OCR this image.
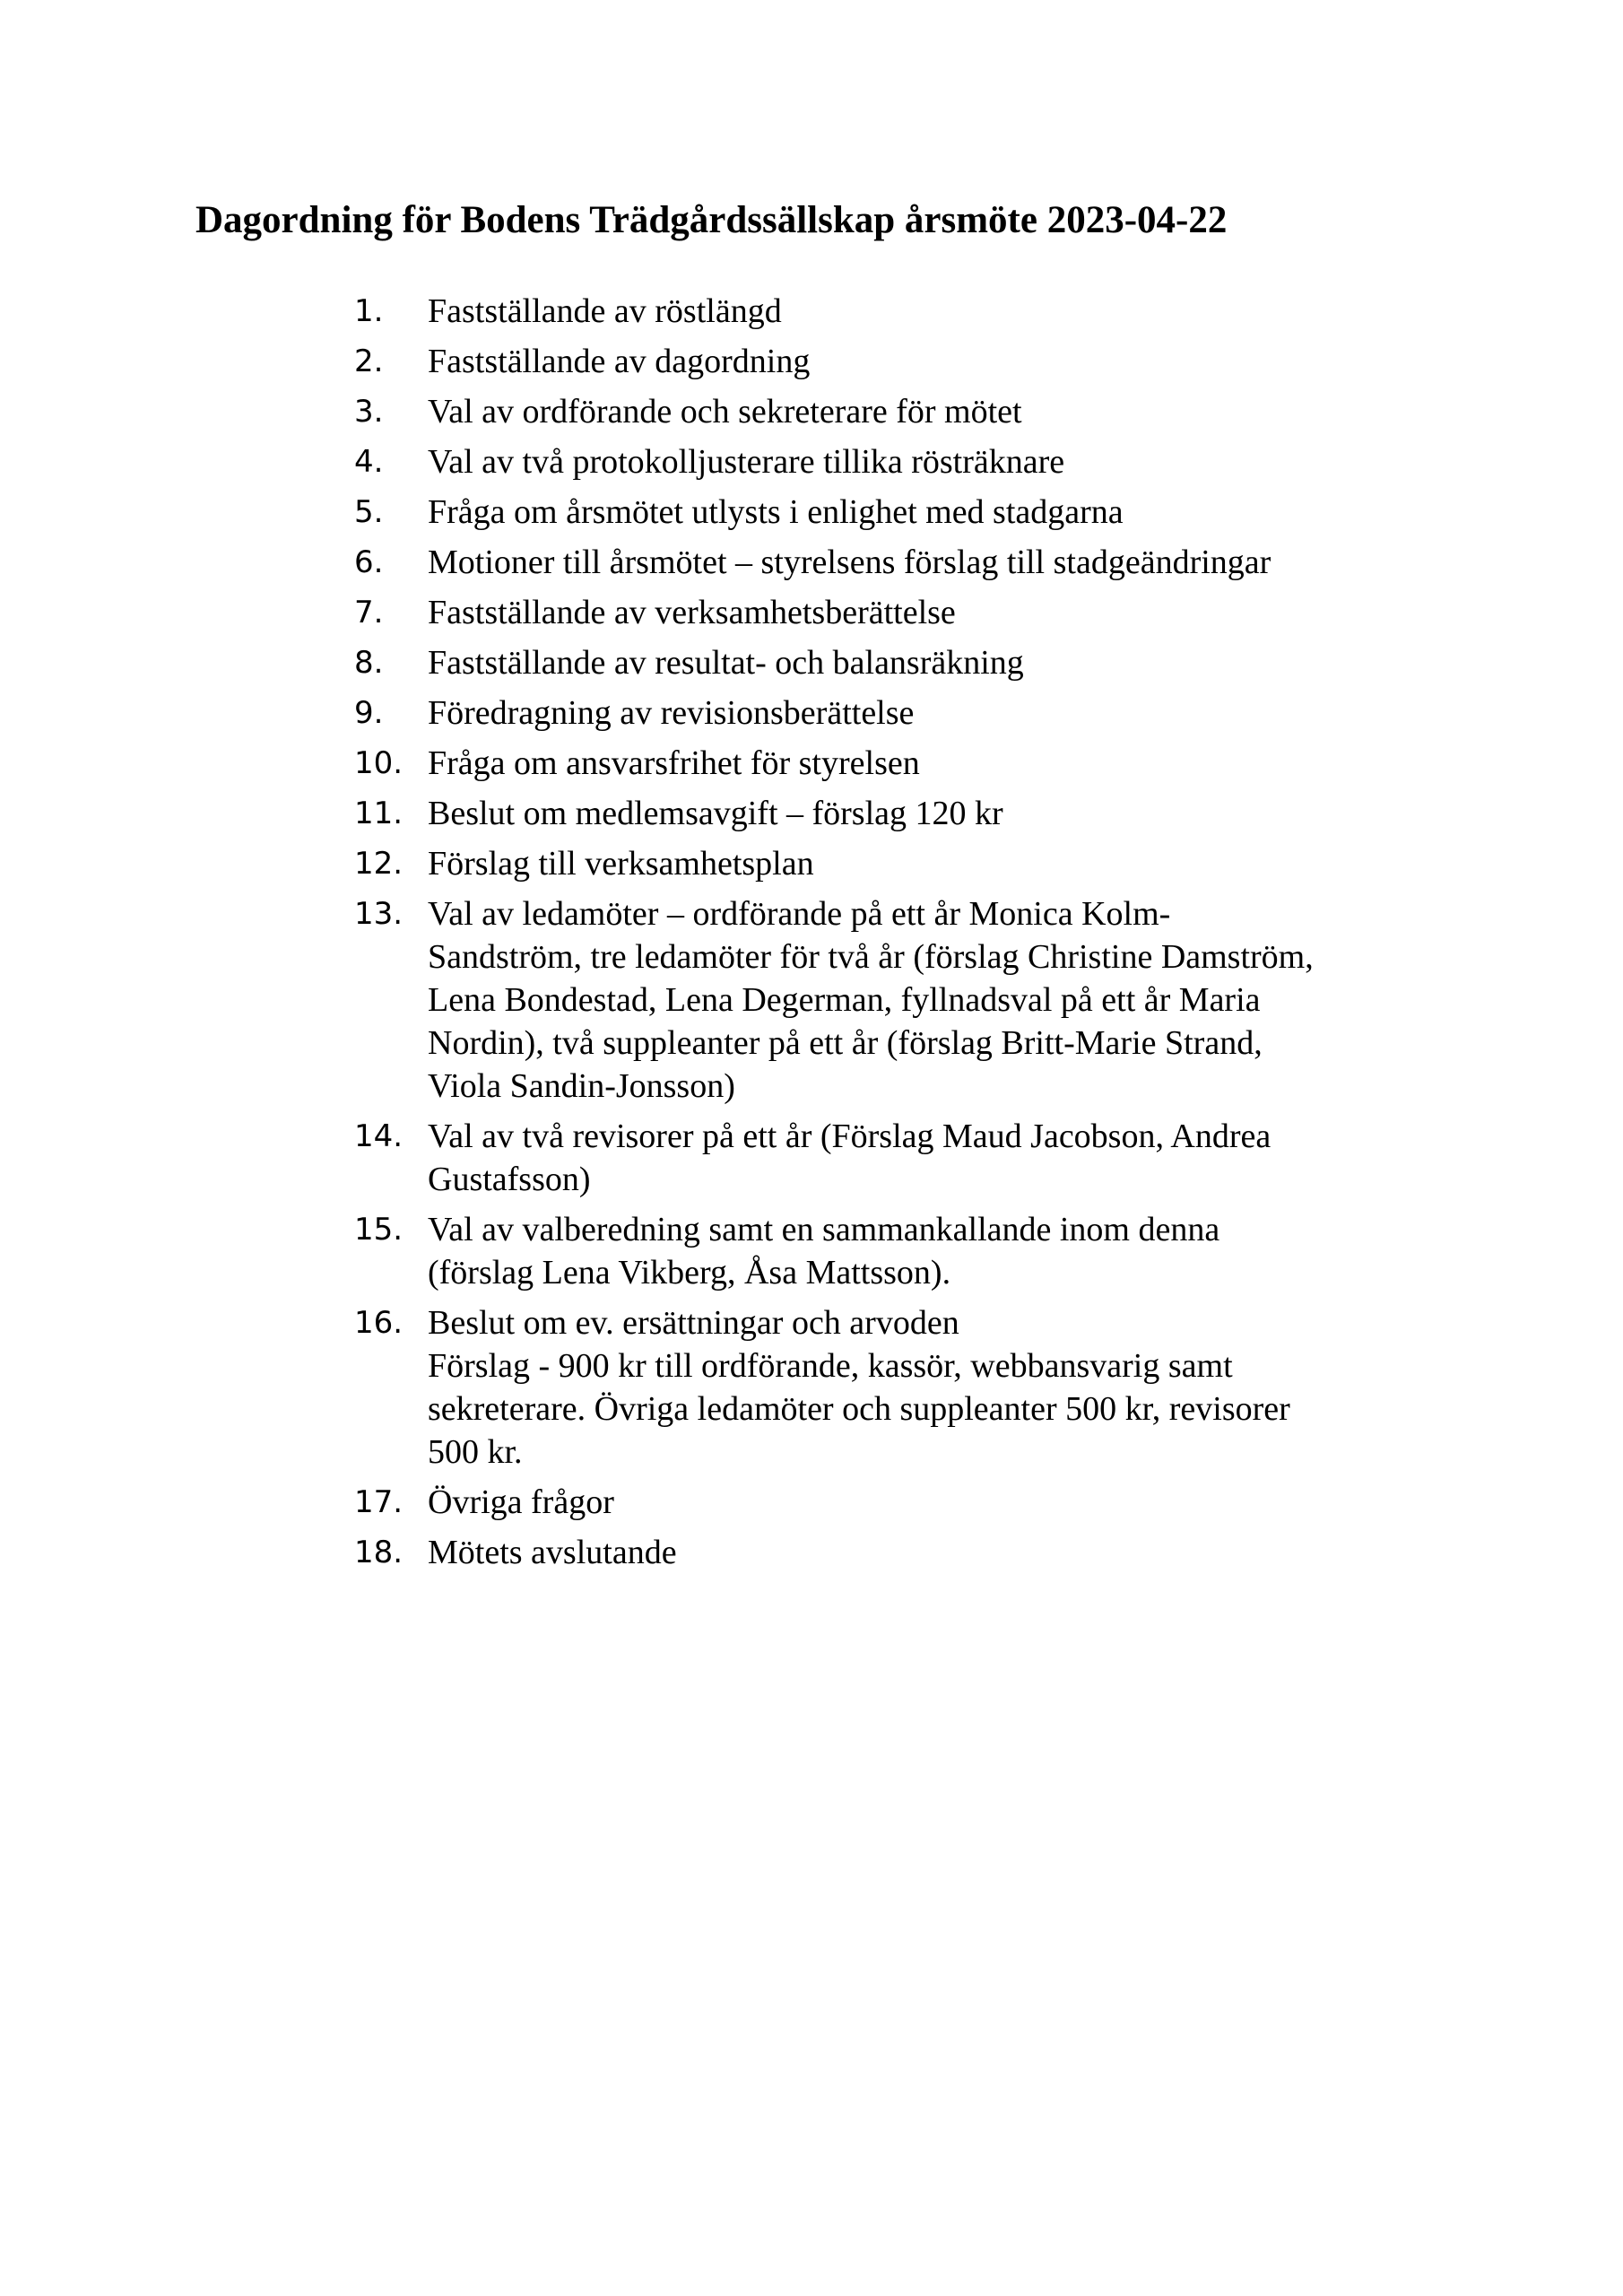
Dagordning för Bodens Trädgårdssällskap årsmöte 2023-04-22
1.	Fastställande av röstlängd
2.	Fastställande av dagordning
3.	Val av ordförande och sekreterare för mötet
4.	Val av två protokolljusterare tillika rösträknare
5.	Fråga om årsmötet utlysts i enlighet med stadgarna
6.	Motioner till årsmötet – styrelsens förslag till stadgeändringar
7.	Fastställande av verksamhetsberättelse
8.	Fastställande av resultat- och balansräkning
9.	Föredragning av revisionsberättelse
10. Fråga om ansvarsfrihet för styrelsen
11. Beslut om medlemsavgift – förslag 120 kr
12. Förslag till verksamhetsplan
13. Val av ledamöter – ordförande på ett år Monica Kolm-
Sandström, tre ledamöter för två år (förslag Christine Damström,
Lena Bondestad, Lena Degerman, fyllnadsval på ett år Maria
Nordin), två suppleanter på ett år (förslag Britt-Marie Strand,
Viola Sandin-Jonsson)
14. Val av två revisorer på ett år (Förslag Maud Jacobson, Andrea
Gustafsson)
15. Val av valberedning samt en sammankallande inom denna
(förslag Lena Vikberg, Åsa Mattsson).
16. Beslut om ev. ersättningar och arvoden
Förslag - 900 kr till ordförande, kassör, webbansvarig samt
sekreterare. Övriga ledamöter och suppleanter 500 kr, revisorer
500 kr.
17. Övriga frågor
18. Mötets avslutande
